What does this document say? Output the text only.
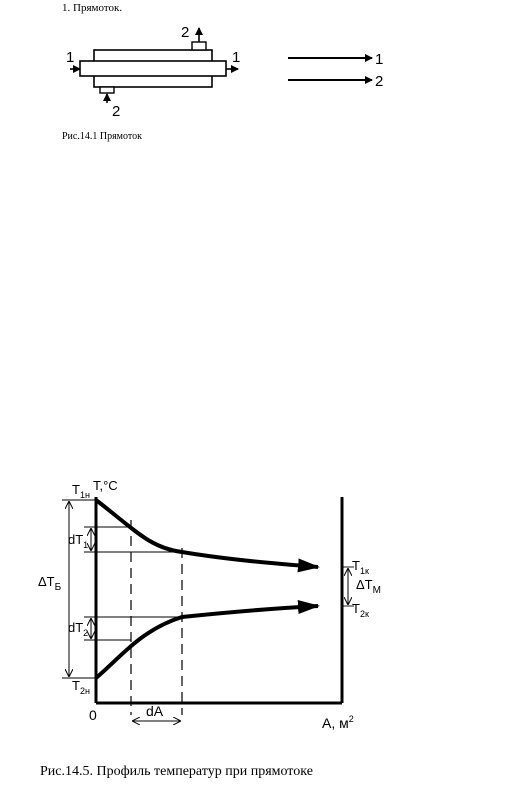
1. Прямоток.
1	1
2
2
1
2
Рис.14.1 Прямоток
T,°C
$T_{1н}$
$T_{2н}$
$T_{1к}$
$T_{2к}$
$dT_1$
$dT_2$
$\Delta T_Б$	$\Delta T_M$
0	dA
A, $м^2$
Рис.14.5. Профиль температур при прямотоке
